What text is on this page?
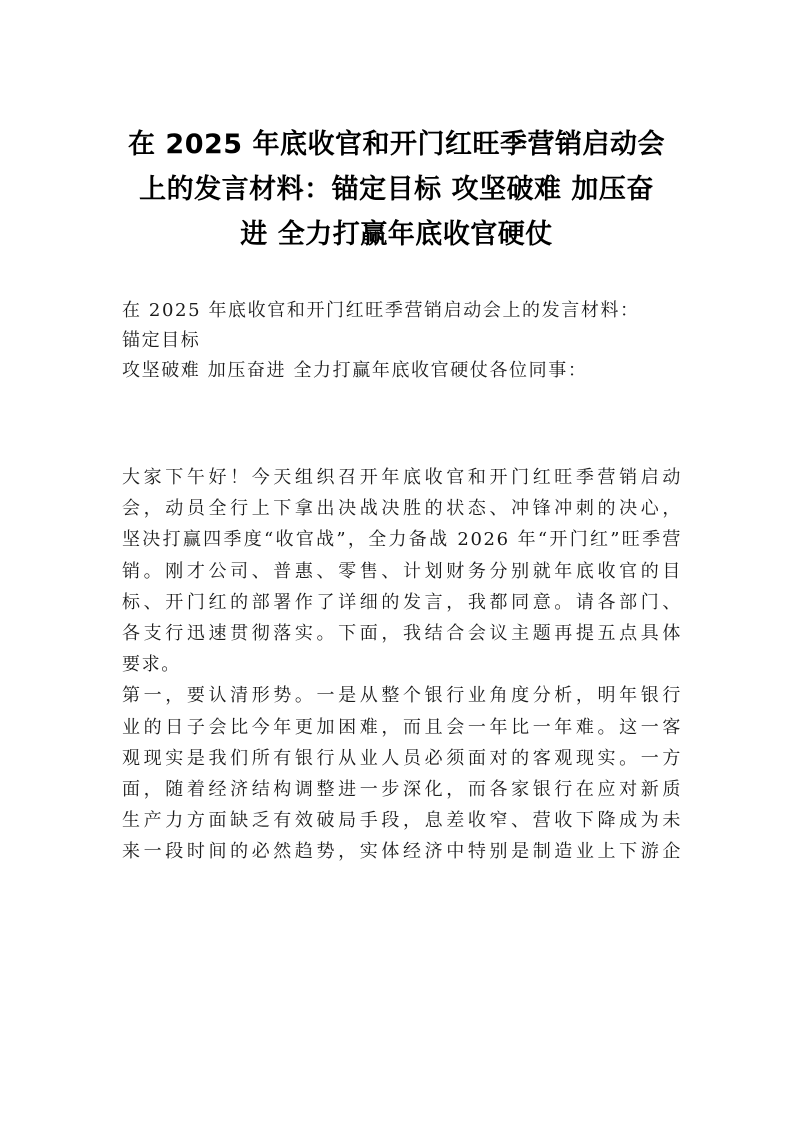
在 2025 年底收官和开门红旺季营销启动会
上的发言材料：锚定目标 攻坚破难 加压奋
进 全力打赢年底收官硬仗
在 2025 年底收官和开门红旺季营销启动会上的发言材料：
锚定目标
攻坚破难 加压奋进 全力打赢年底收官硬仗各位同事：
大家下午好！今天组织召开年底收官和开门红旺季营销启动
会，动员全行上下拿出决战决胜的状态、冲锋冲刺的决心，
坚决打赢四季度“收官战”，全力备战 2026 年“开门红”旺季营
销。刚才公司、普惠、零售、计划财务分别就年底收官的目
标、开门红的部署作了详细的发言，我都同意。请各部门、
各支行迅速贯彻落实。下面，我结合会议主题再提五点具体
要求。
第一，要认清形势。一是从整个银行业角度分析，明年银行
业的日子会比今年更加困难，而且会一年比一年难。这一客
观现实是我们所有银行从业人员必须面对的客观现实。一方
面，随着经济结构调整进一步深化，而各家银行在应对新质
生产力方面缺乏有效破局手段，息差收窄、营收下降成为未
来一段时间的必然趋势，实体经济中特别是制造业上下游企
